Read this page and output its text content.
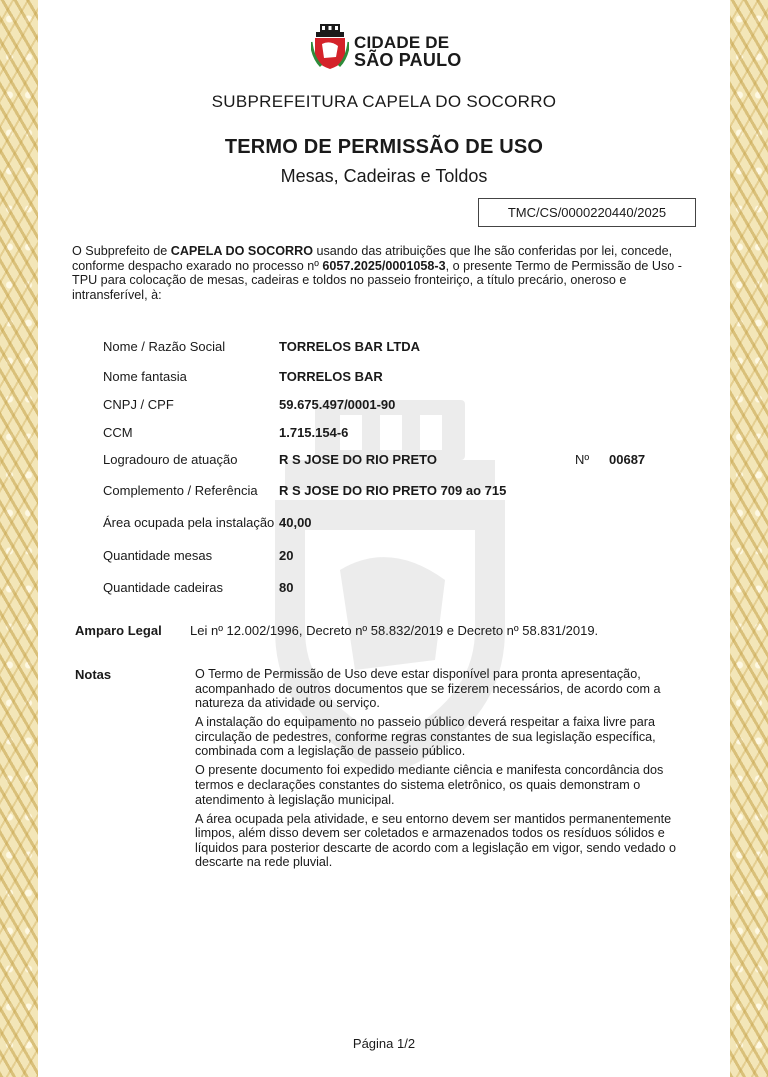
CIDADE DE
SÃO PAULO
SUBPREFEITURA CAPELA DO SOCORRO
TERMO DE PERMISSÃO DE USO
Mesas, Cadeiras e Toldos
TMC/CS/0000220440/2025
O Subprefeito de CAPELA DO SOCORRO usando das atribuições que lhe são conferidas por lei, concede, conforme despacho exarado no processo nº 6057.2025/0001058-3, o presente Termo de Permissão de Uso - TPU para colocação de mesas, cadeiras e toldos no passeio fronteiriço, a título precário, oneroso e intransferível, à:
Nome / Razão Social	TORRELOS BAR LTDA
Nome fantasia	TORRELOS BAR
CNPJ / CPF	59.675.497/0001-90
CCM	1.715.154-6
Logradouro de atuação	R S JOSE DO RIO PRETO	Nº 00687
Complemento / Referência R S JOSE DO RIO PRETO 709 ao 715
Área ocupada pela instalação 40,00
Quantidade mesas	20
Quantidade cadeiras	80
Amparo Legal Lei nº 12.002/1996, Decreto nº 58.832/2019 e Decreto nº 58.831/2019.
Notas	O Termo de Permissão de Uso deve estar disponível para pronta apresentação, acompanhado de outros documentos que se fizerem necessários, de acordo com a natureza da atividade ou serviço.

A instalação do equipamento no passeio público deverá respeitar a faixa livre para circulação de pedestres, conforme regras constantes de sua legislação específica, combinada com a legislação de passeio público.

O presente documento foi expedido mediante ciência e manifesta concordância dos termos e declarações constantes do sistema eletrônico, os quais demonstram o atendimento à legislação municipal.

A área ocupada pela atividade, e seu entorno devem ser mantidos permanentemente limpos, além disso devem ser coletados e armazenados todos os resíduos sólidos e líquidos para posterior descarte de acordo com a legislação em vigor, sendo vedado o descarte na rede pluvial.

Página 1/2
